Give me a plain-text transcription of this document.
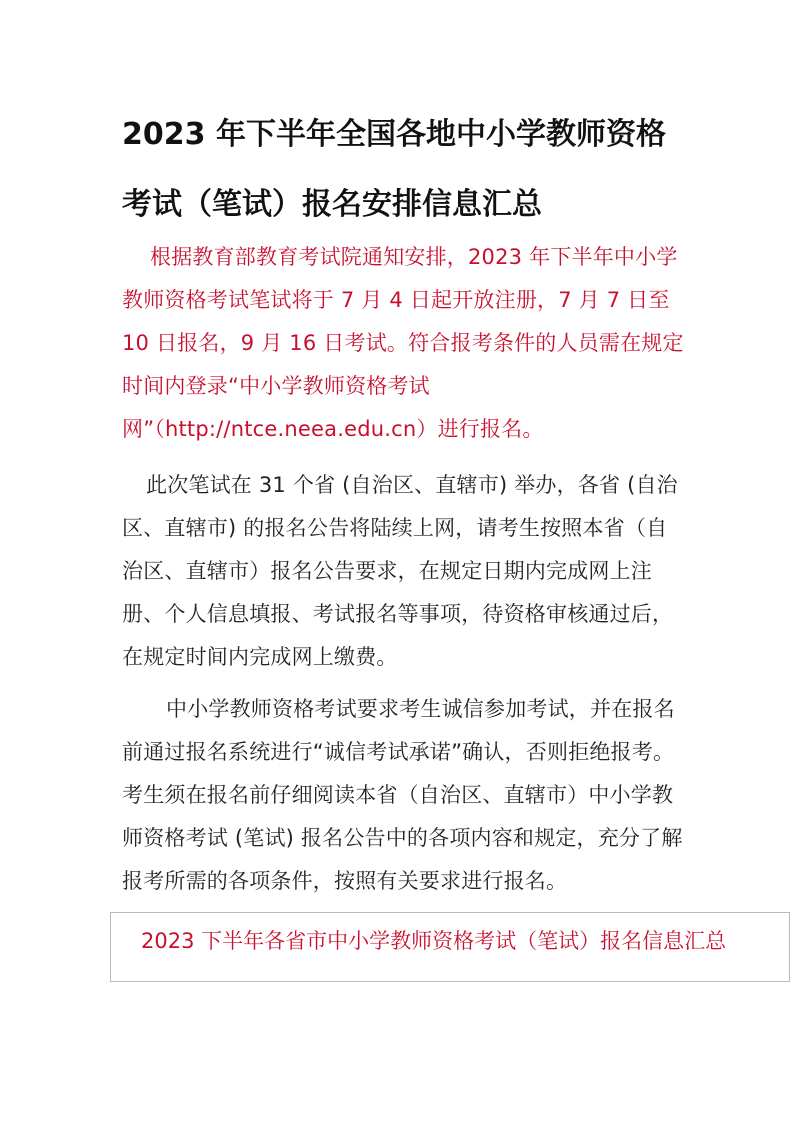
2023 年下半年全国各地中小学教师资格考试（笔试）报名安排信息汇总

根据教育部教育考试院通知安排，2023 年下半年中小学教师资格考试笔试将于 7 月 4 日起开放注册，7 月 7 日至 10 日报名，9 月 16 日考试。符合报考条件的人员需在规定时间内登录“中小学教师资格考试网”（http://ntce.neea.edu.cn）进行报名。

此次笔试在 31 个省 (自治区、直辖市) 举办，各省 (自治区、直辖市) 的报名公告将陆续上网，请考生按照本省（自治区、直辖市）报名公告要求，在规定日期内完成网上注册、个人信息填报、考试报名等事项，待资格审核通过后，在规定时间内完成网上缴费。

中小学教师资格考试要求考生诚信参加考试，并在报名前通过报名系统进行“诚信考试承诺”确认，否则拒绝报考。考生须在报名前仔细阅读本省（自治区、直辖市）中小学教师资格考试 (笔试) 报名公告中的各项内容和规定，充分了解报考所需的各项条件，按照有关要求进行报名。

2023 下半年各省市中小学教师资格考试（笔试）报名信息汇总
